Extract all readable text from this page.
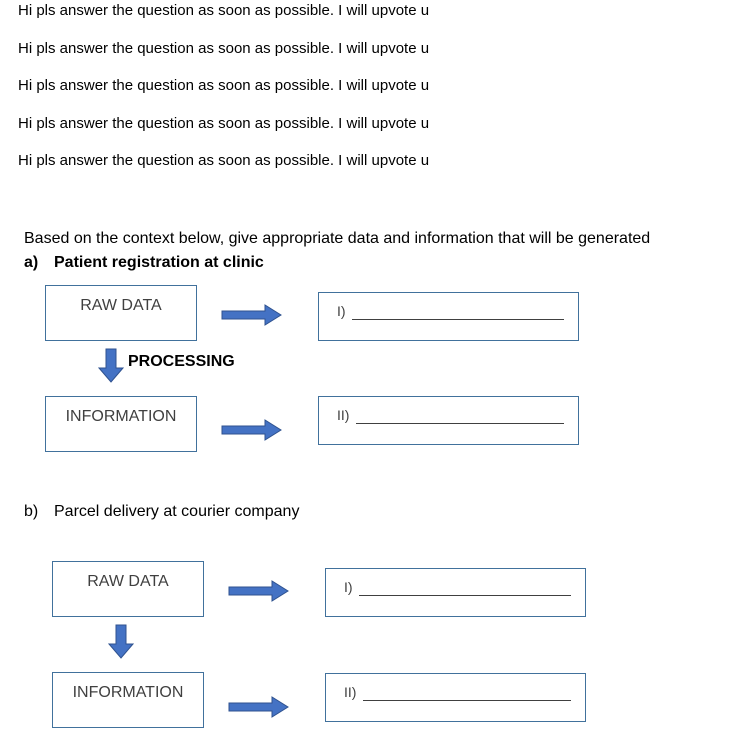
Hi pls answer the question as soon as possible. I will upvote u
Hi pls answer the question as soon as possible. I will upvote u
Hi pls answer the question as soon as possible. I will upvote u
Hi pls answer the question as soon as possible. I will upvote u
Hi pls answer the question as soon as possible. I will upvote u
Based on the context below, give appropriate data and information that will be generated
a) Patient registration at clinic
RAW DATA	I)
PROCESSING
INFORMATION	II)
b) Parcel delivery at courier company
RAW DATA	I)
INFORMATION	II)
